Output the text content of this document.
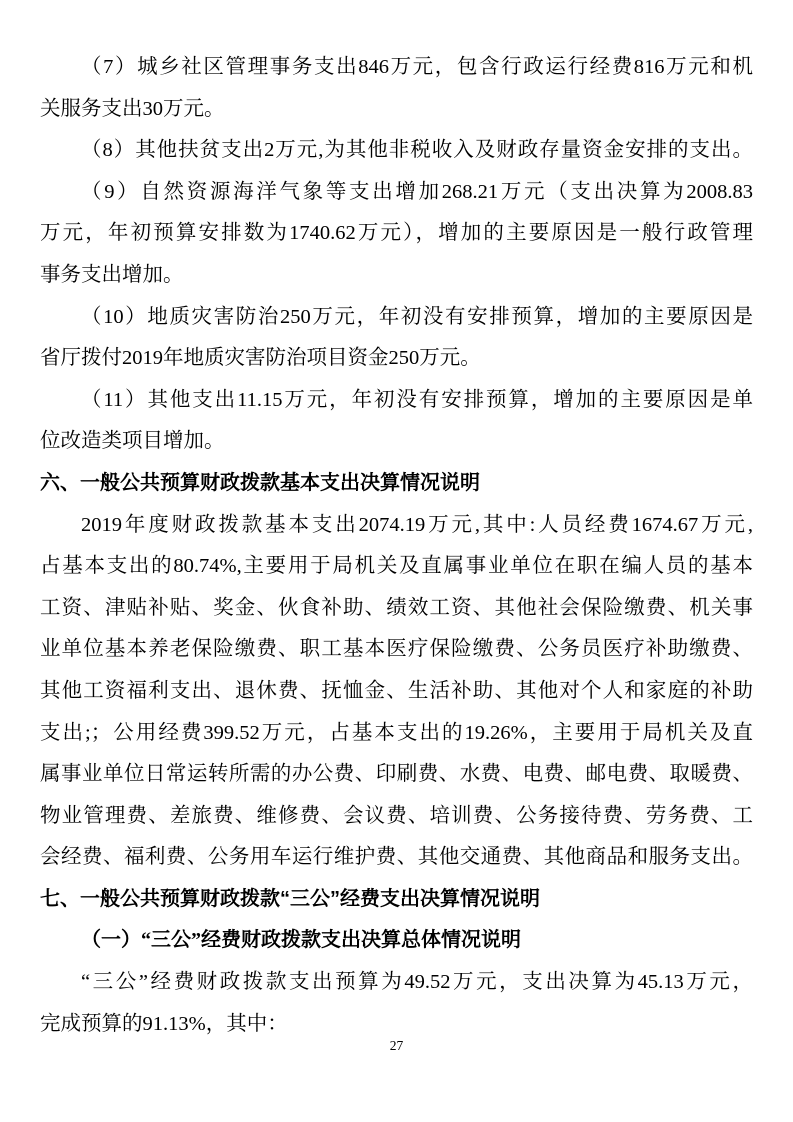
（7）城乡社区管理事务支出846万元，包含行政运行经费816万元和机
关服务支出30万元。
（8）其他扶贫支出2万元,为其他非税收入及财政存量资金安排的支出。
（9）自然资源海洋气象等支出增加268.21万元（支出决算为2008.83
万元，年初预算安排数为1740.62万元），增加的主要原因是一般行政管理
事务支出增加。
（10）地质灾害防治250万元，年初没有安排预算，增加的主要原因是
省厅拨付2019年地质灾害防治项目资金250万元。
（11）其他支出11.15万元，年初没有安排预算，增加的主要原因是单
位改造类项目增加。
六、一般公共预算财政拨款基本支出决算情况说明
2019年度财政拨款基本支出2074.19万元,其中:人员经费1674.67万元,
占基本支出的80.74%,主要用于局机关及直属事业单位在职在编人员的基本
工资、津贴补贴、奖金、伙食补助、绩效工资、其他社会保险缴费、机关事
业单位基本养老保险缴费、职工基本医疗保险缴费、公务员医疗补助缴费、
其他工资福利支出、退休费、抚恤金、生活补助、其他对个人和家庭的补助
支出;；公用经费399.52万元，占基本支出的19.26%，主要用于局机关及直
属事业单位日常运转所需的办公费、印刷费、水费、电费、邮电费、取暖费、
物业管理费、差旅费、维修费、会议费、培训费、公务接待费、劳务费、工
会经费、福利费、公务用车运行维护费、其他交通费、其他商品和服务支出。
七、一般公共预算财政拨款“三公”经费支出决算情况说明
（一）“三公”经费财政拨款支出决算总体情况说明
“三公”经费财政拨款支出预算为49.52万元，支出决算为45.13万元，
完成预算的91.13%，其中：
27
